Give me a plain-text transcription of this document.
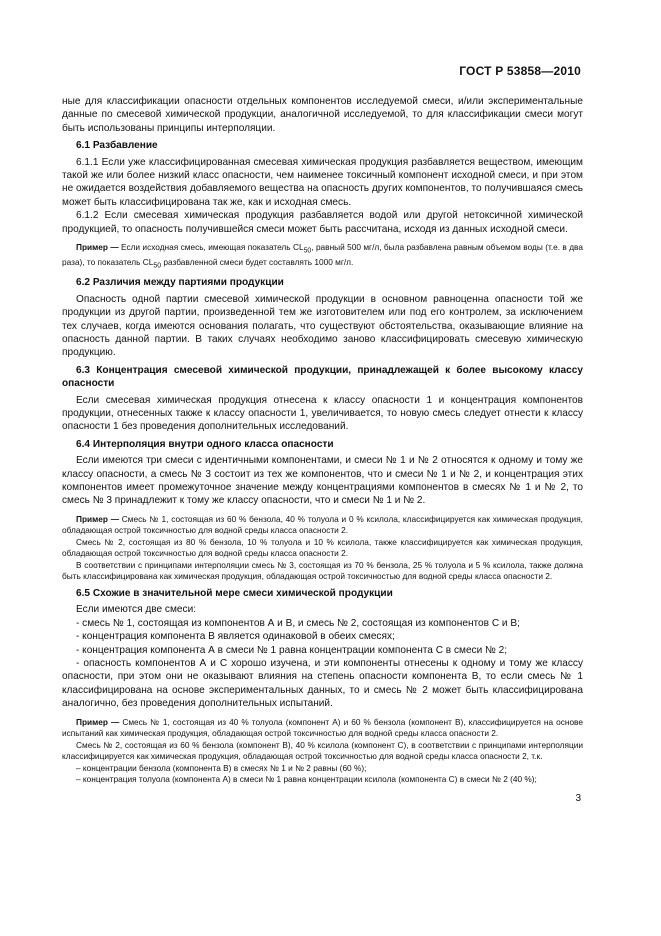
ГОСТ Р 53858—2010

ные для классификации опасности отдельных компонентов исследуемой смеси, и/или экспериментальные данные по смесевой химической продукции, аналогичной исследуемой, то для классификации смеси могут быть использованы принципы интерполяции.

6.1 Разбавление

6.1.1 Если уже классифицированная смесевая химическая продукция разбавляется веществом, имеющим такой же или более низкий класс опасности, чем наименее токсичный компонент исходной смеси, и при этом не ожидается воздействия добавляемого вещества на опасность других компонентов, то получившаяся смесь может быть классифицирована так же, как и исходная смесь.

6.1.2 Если смесевая химическая продукция разбавляется водой или другой нетоксичной химической продукцией, то опасность получившейся смеси может быть рассчитана, исходя из данных исходной смеси.

Пример — Если исходная смесь, имеющая показатель $CL_{50}$, равный 500 мг/л, была разбавлена равным объемом воды (т.е. в два раза), то показатель $CL_{50}$ разбавленной смеси будет составлять 1000 мг/л.

6.2 Различия между партиями продукции

Опасность одной партии смесевой химической продукции в основном равноценна опасности той же продукции из другой партии, произведенной тем же изготовителем или под его контролем, за исключением тех случаев, когда имеются основания полагать, что существуют обстоятельства, оказывающие влияние на опасность данной партии. В таких случаях необходимо заново классифицировать смесевую химическую продукцию.

6.3 Концентрация смесевой химической продукции, принадлежащей к более высокому классу опасности

Если смесевая химическая продукция отнесена к классу опасности 1 и концентрация компонентов продукции, отнесенных также к классу опасности 1, увеличивается, то новую смесь следует отнести к классу опасности 1 без проведения дополнительных исследований.

6.4 Интерполяция внутри одного класса опасности

Если имеются три смеси с идентичными компонентами, и смеси № 1 и № 2 относятся к одному и тому же классу опасности, а смесь № 3 состоит из тех же компонентов, что и смеси № 1 и № 2, и концентрация этих компонентов имеет промежуточное значение между концентрациями компонентов в смесях № 1 и № 2, то смесь № 3 принадлежит к тому же классу опасности, что и смеси № 1 и № 2.

Пример — Смесь № 1, состоящая из 60 % бензола, 40 % толуола и 0 % ксилола, классифицируется как химическая продукция, обладающая острой токсичностью для водной среды класса опасности 2.

Смесь № 2, состоящая из 80 % бензола, 10 % толуола и 10 % ксилола, также классифицируется как химическая продукция, обладающая острой токсичностью для водной среды класса опасности 2.

В соответствии с принципами интерполяции смесь № 3, состоящая из 70 % бензола, 25 % толуола и 5 % ксилола, также должна быть классифицирована как химическая продукция, обладающая острой токсичностью для водной среды класса опасности 2.

6.5 Схожие в значительной мере смеси химической продукции

Если имеются две смеси:

- смесь № 1, состоящая из компонентов А и В, и смесь № 2, состоящая из компонентов С и В;

- концентрация компонента В является одинаковой в обеих смесях;

- концентрация компонента А в смеси № 1 равна концентрации компонента С в смеси № 2;

- опасность компонентов А и С хорошо изучена, и эти компоненты отнесены к одному и тому же классу опасности, при этом они не оказывают влияния на степень опасности компонента В, то если смесь № 1 классифицирована на основе экспериментальных данных, то и смесь № 2 может быть классифицирована аналогично, без проведения дополнительных испытаний.

Пример — Смесь № 1, состоящая из 40 % толуола (компонент А) и 60 % бензола (компонент В), классифицируется на основе испытаний как химическая продукция, обладающая острой токсичностью для водной среды класса опасности 2.

Смесь № 2, состоящая из 60 % бензола (компонент В), 40 % ксилола (компонент С), в соответствии с принципами интерполяции классифицируется как химическая продукция, обладающая острой токсичностью для водной среды класса опасности 2, т.к.

– концентрации бензола (компонента В) в смесях № 1 и № 2 равны (60 %);

– концентрация толуола (компонента А) в смеси № 1 равна концентрации ксилола (компонента С) в смеси № 2 (40 %);

3
